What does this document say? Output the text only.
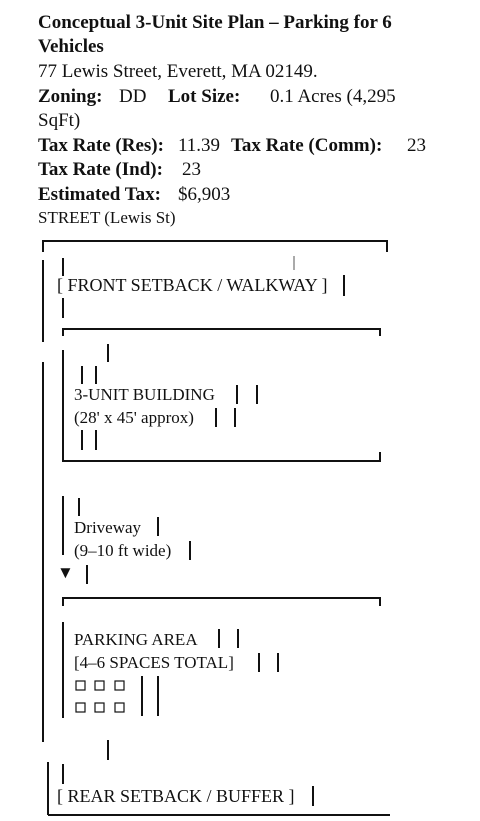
Conceptual 3-Unit Site Plan – Parking for 6
Vehicles
77 Lewis Street, Everett, MA 02149.
Zoning: DD Lot Size: 0.1 Acres (4,295
SqFt)
Tax Rate (Res): 11.39 Tax Rate (Comm): 23
Tax Rate (Ind): 23
Estimated Tax: $6,903
STREET (Lewis St)
[ FRONT SETBACK / WALKWAY ]
3-UNIT BUILDING
(28' x 45' approx)
Driveway
(9–10 ft wide)
▼
PARKING AREA
[4–6 SPACES TOTAL]
[ REAR SETBACK / BUFFER ]
